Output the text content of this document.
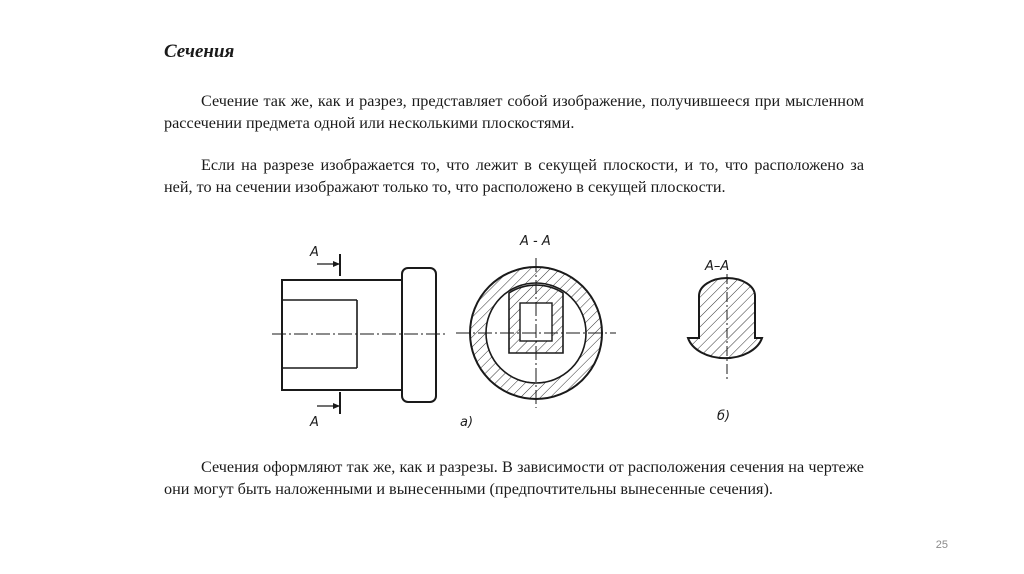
Сечения

Сечение так же, как и разрез, представляет собой изображение, получившееся при мысленном рассечении предмета одной или несколькими плоскостями.

Если на разрезе изображается то, что лежит в секущей плоскости, и то, что расположено за ней, то на сечении изображают только то, что расположено в секущей плоскости.

А
А
А - А
а)
А–А
б)

Сечения оформляют так же, как и разрезы. В зависимости от расположения сечения на чертеже они могут быть наложенными и вынесенными (предпочтительны вынесенные сечения).

25
